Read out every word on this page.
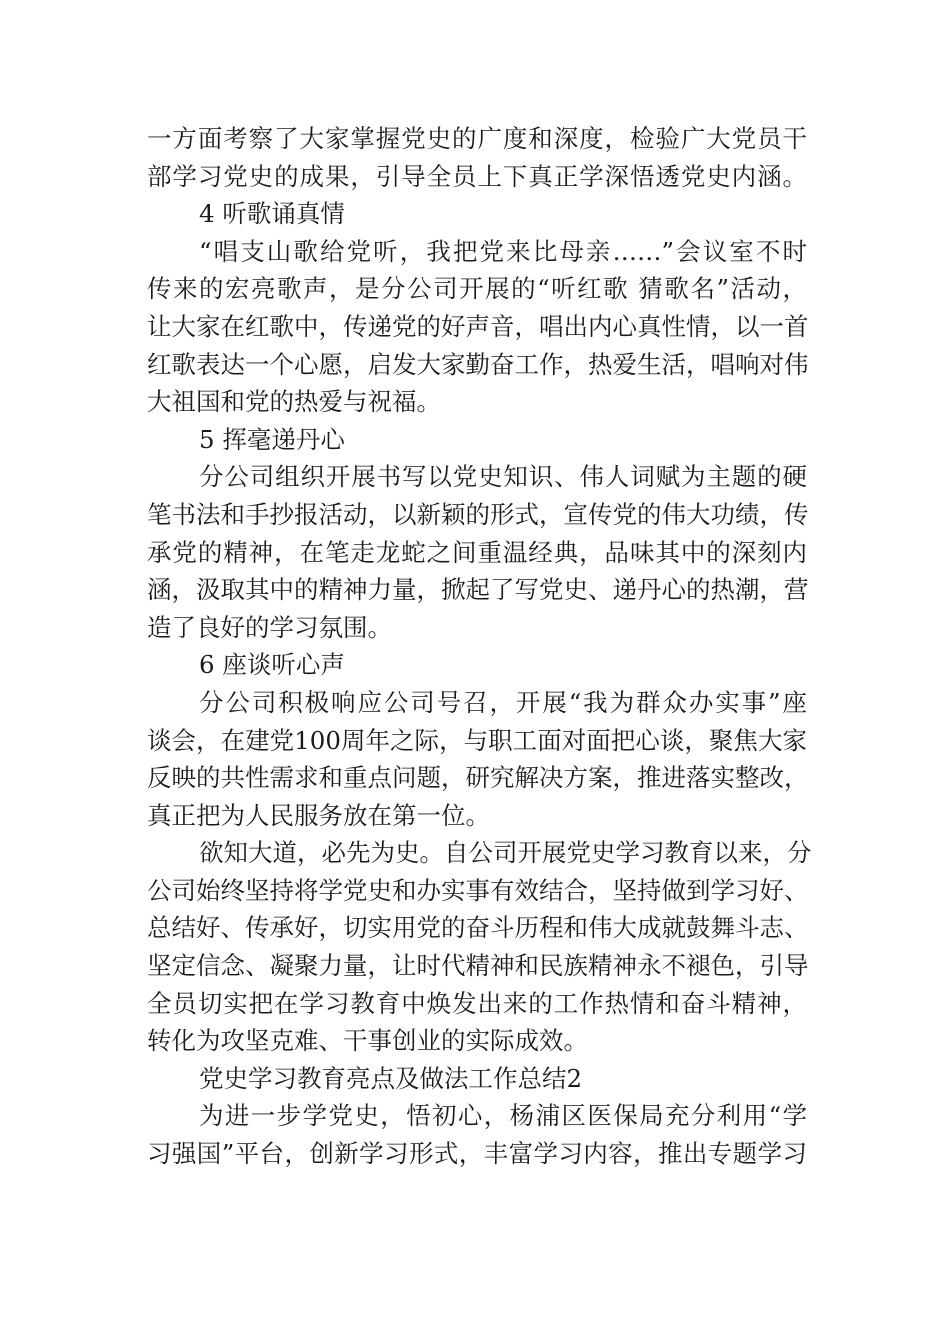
一方面考察了大家掌握党史的广度和深度，检验广大党员干
部学习党史的成果，引导全员上下真正学深悟透党史内涵。
4 听歌诵真情
“唱支山歌给党听，我把党来比母亲……”会议室不时
传来的宏亮歌声，是分公司开展的“听红歌 猜歌名”活动，
让大家在红歌中，传递党的好声音，唱出内心真性情，以一首
红歌表达一个心愿，启发大家勤奋工作，热爱生活，唱响对伟
大祖国和党的热爱与祝福。
5 挥毫递丹心
分公司组织开展书写以党史知识、伟人词赋为主题的硬
笔书法和手抄报活动，以新颖的形式，宣传党的伟大功绩，传
承党的精神，在笔走龙蛇之间重温经典，品味其中的深刻内
涵，汲取其中的精神力量，掀起了写党史、递丹心的热潮，营
造了良好的学习氛围。
6 座谈听心声
分公司积极响应公司号召，开展“我为群众办实事”座
谈会，在建党100周年之际，与职工面对面把心谈，聚焦大家
反映的共性需求和重点问题，研究解决方案，推进落实整改，
真正把为人民服务放在第一位。
欲知大道，必先为史。自公司开展党史学习教育以来，分
公司始终坚持将学党史和办实事有效结合，坚持做到学习好、
总结好、传承好，切实用党的奋斗历程和伟大成就鼓舞斗志、
坚定信念、凝聚力量，让时代精神和民族精神永不褪色，引导
全员切实把在学习教育中焕发出来的工作热情和奋斗精神，
转化为攻坚克难、干事创业的实际成效。
党史学习教育亮点及做法工作总结2
为进一步学党史，悟初心，杨浦区医保局充分利用“学
习强国”平台，创新学习形式，丰富学习内容，推出专题学习
